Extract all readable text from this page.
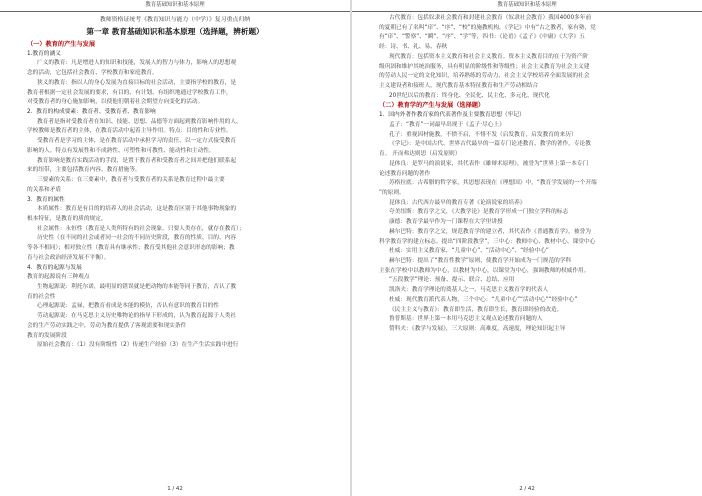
教育基础知识和基本原理
教师资格证统考《教育知识与能力（中学）》复习重点归纳
第一章 教育基础知识和基本原理（选择题，辨析题）
（一）教育的产生与发展
1.教育的涵义
广义的教育：凡是增进人的知识和技能，发展人的智力与体力，影响人的思想观
念的活动，它包括社会教育、学校教育和家庭教育。
狭义的教育：指以人的身心发展为直接目标的社会活动，主要指学校的教育，是
教育者根据一定社会发展的要求，有目的、有计划、有组织地通过学校教育工作，
对受教育者的身心施加影响，以使他们朝着社会期望方向变化的活动。
2．教育的构成要素：教育者、受教育者、教育影响
教育者是指对受教育者在知识、技能、思想、品德等方面起到教育影响作用的人，
学校教师是教育者的主体，在教育活动中起着主导作用。特点：目的性和专业性。
受教育者是学习的主体，是在教育活动中承担学习的责任、以一定方式接受教育
影响的人。特点有发展性和不成熟性、可塑性和可教性、能动性和主动性。
教育影响是教育实践活动的手段，是置于教育者和受教育者之间并把他们联系起
来的纽带，主要包括教育内容、教育措施等。
三要素的关系：在三要素中，教育者与受教育者的关系是教育过程中最主要
的关系和矛盾
3．教育的属性
本质属性：教育是有目的的培养人的社会活动，这是教育区别于其他事物现象的
根本特征，是教育的质的规定。
社会属性：永恒性（教育是人类所特有的社会现象，只要人类存在，就存在教育）；
历史性（在不同的社会或者同一社会的不同历史阶段，教育的性质、目的、内容
等各不相同）；相对独立性（教育具有继承性；教育受其他社会意识形态的影响；教
育与社会政治经济发展不平衡）。
4．教育的起源与发展
教育的起源说有三种观点
生物起源说：利托尔诺，最明显的错误就是把动物的本能等同于教育，否认了教
育的社会性
心理起源说：孟禄，把教育看成是本能的模仿，否认有意识的教育目的性
劳动起源说：在马克思主义历史唯物论的指导下形成的，认为教育起源于人类社
会的生产劳动实践之中，劳动为教育提供了客观需要和现实条件
教育的发展阶段
原始社会教育：（1）没有阶级性（2）传递生产经验（3）在生产生活实践中进行
1 / 42
教育基础知识和基本原理
古代教育：包括奴隶社会教育和封建社会教育（奴隶社会教育）我国4000多年前
的夏朝已有了名叫“庠”、“序”、“校”的施教机构。《学记》中有“古之教者，家有塾，党
有“庠”、“警察”、“瞬”、“序”、“学”等，四书：《论语》《孟子》《中庸》《大学》五
经：诗、书、礼、易、春秋
现代教育：包括资本主义教育和社会主义教育。资本主义教育目的在于为资产阶
级巩固和维护其统治服务，具有明显的阶级性和等级性；社会主义教育为社会主义建
的劳动人民一定的文化知识，培养熟练的劳动力，社会主义学校培养全面发展的社会
主义建设者和接班人，现代教育基本特征教育和生产劳动相结合
20世纪以后的教育：终身化、全民化、民主化、多元化、现代化
（二）教育学的产生与发展（选择题）
1．国内外著作教育家的代表著作及主要教育思想（牢记）
孟子：“教育”一词最早出现于《孟子·尽心上》
孔子：重视因材施教，不愤不启，不悱不发（启发教育，启发教育的来历）
《学记》：是中国古代、世界古代最早的一篇专门论述教育、教学的著作，专论教
育。 开而弗达则思（启发原则）
昆体良：是罗马的演说家，其代表作《雄辩术原理》，被誉为“世界上第一本专门
论述教育问题的著作
苏格拉底：古希腊的哲学家，其思想表现在《理想国》中，“教育学发展的一个开端
”的原则。
昆体良：古代西方最早的教育专著《论演说家的培养》
夸美纽斯：教育学之父，《大教学论》是教育学形成一门独立学科的标志
康德：教育学最早作为一门课程在大学里讲授
赫尔巴特：教育学之父，规范教育学的建立者，其代表作《普通教育学》，被誉为
科学教育学的建立标志。提出“四阶段教学”，三中心：教师中心、教材中心、课堂中心
杜威：实用主义教育家，“儿童中心”、“活动中心”、“经验中心”
赫尔巴特：提出了“教育性教学”原则，使教育学开始成为一门规范的学科
主张在学校中以教师为中心，以教材为中心，以课堂为中心，强调教师的权威作用。
“五段教学”理论：预备、提示、联合、总结、应用
凯洛夫：教育学理论的奠基人之一，马克思主义教育学的代表人
杜威：现代教育派代表人物，三个中心：“儿童中心”“活动中心”“经验中心”
《民主主义与教育》：教育即生活，教育即生长，教育即经验的改造。
鲁普斯基：世界上第一本用马克思主义观点论述教育问题的人
赞科夫：《教学与发展》，三大原则：高难度，高速度，理论知识起主导
2 / 42
